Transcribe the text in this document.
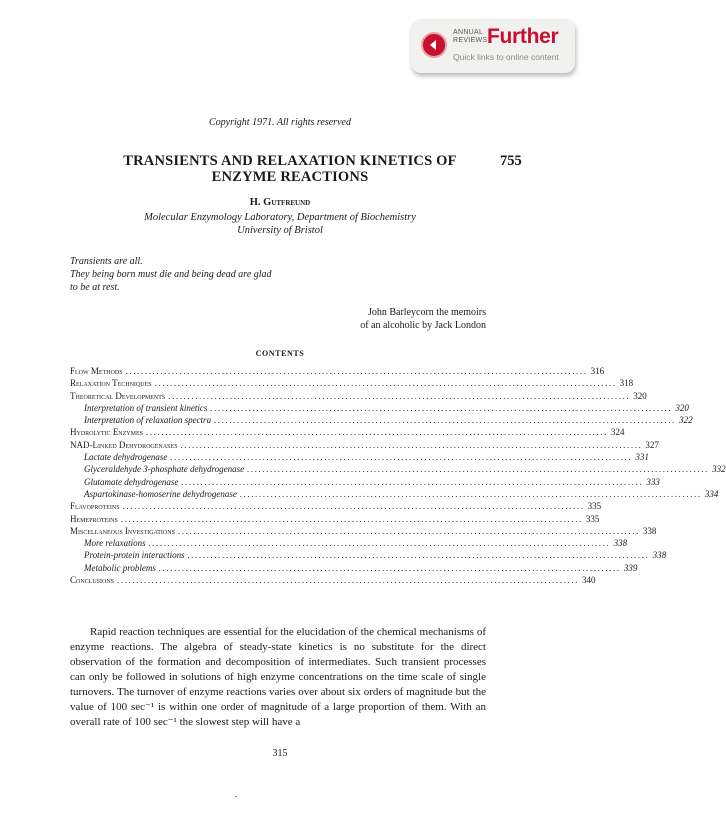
ANNUAL
REVIEWS Further
Quick links to online content
Copyright 1971. All rights reserved
TRANSIENTS AND RELAXATION KINETICS OF
ENZYME REACTIONS
755
H. Gutfreund
Molecular Enzymology Laboratory, Department of Biochemistry
University of Bristol
Transients are all.
They being born must die and being dead are glad
to be at rest.
John Barleycorn the memoirs
of an alcoholic by Jack London
CONTENTS
Flow Methods ........................................................................................................................ 316
Relaxation Techniques ........................................................................................................................ 318
Theoretical Developments ........................................................................................................................ 320
Interpretation of transient kinetics ........................................................................................................................ 320
Interpretation of relaxation spectra ........................................................................................................................ 322
Hydrolytic Enzymes ........................................................................................................................ 324
NAD-Linked Dehydrogenases ........................................................................................................................ 327
Lactate dehydrogenase ........................................................................................................................ 331
Glyceraldehyde 3-phosphate dehydrogenase ........................................................................................................................ 332
Glutamate dehydrogenase ........................................................................................................................ 333
Aspartokinase-homoserine dehydrogenase ........................................................................................................................ 334
Flavoproteins ........................................................................................................................ 335
Hemeproteins ........................................................................................................................ 335
Miscellaneous Investigations ........................................................................................................................ 338
More relaxations ........................................................................................................................ 338
Protein-protein interactions ........................................................................................................................ 338
Metabolic problems ........................................................................................................................ 339
Conclusions ........................................................................................................................ 340

Rapid reaction techniques are essential for the elucidation of the chemical mechanisms of enzyme reactions. The algebra of steady-state kinetics is no substitute for the direct observation of the formation and decomposition of intermediates. Such transient processes can only be followed in solutions of high enzyme concentrations on the time scale of single turnovers. The turnover of enzyme reactions varies over about six orders of magnitude but the value of 100 sec⁻¹ is within one order of magnitude of a large proportion of them. With an overall rate of 100 sec⁻¹ the slowest step will have a

315
